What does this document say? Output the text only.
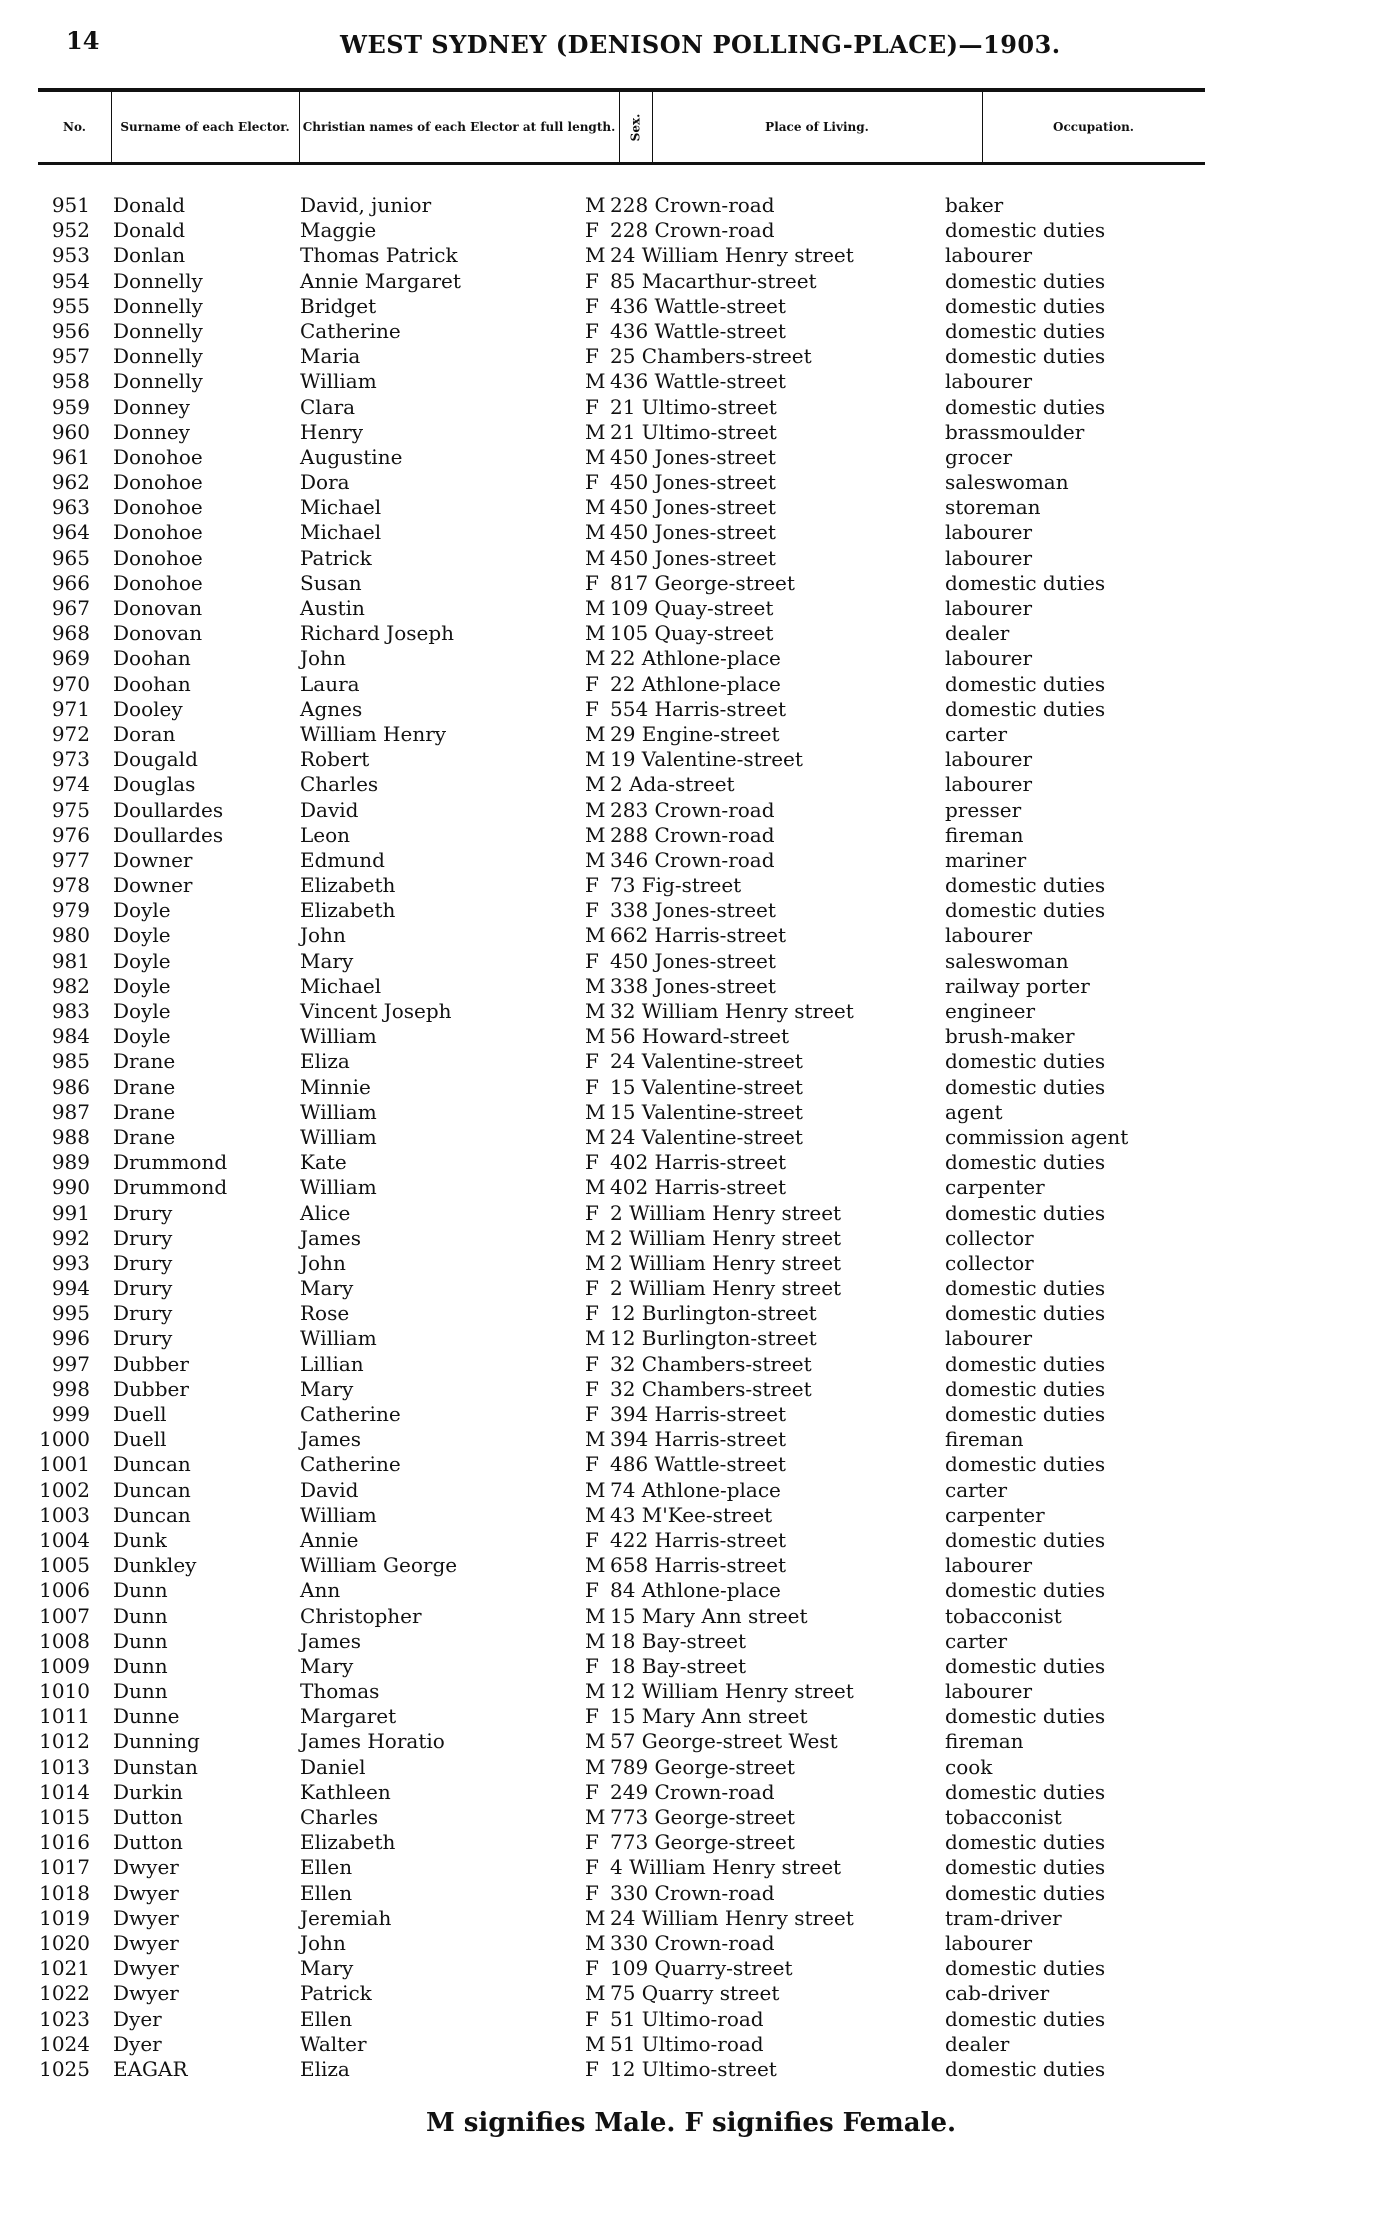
14	WEST SYDNEY (DENISON POLLING-PLACE)—1903.
No.	Surname of each Elector.	Christian names of each Elector at full length.	Sex.	Place of Living.	Occupation.
951 Donald	David, junior	M 228 Crown-road	baker
952 Donald	Maggie	F 228 Crown-road	domestic duties
953 Donlan	Thomas Patrick	M 24 William Henry street	labourer
954 Donnelly	Annie Margaret	F 85 Macarthur-street	domestic duties
955 Donnelly	Bridget	F 436 Wattle-street	domestic duties
956 Donnelly	Catherine	F 436 Wattle-street	domestic duties
957 Donnelly	Maria	F 25 Chambers-street	domestic duties
958 Donnelly	William	M 436 Wattle-street	labourer
959 Donney	Clara	F 21 Ultimo-street	domestic duties
960 Donney	Henry	M 21 Ultimo-street	brassmoulder
961 Donohoe	Augustine	M 450 Jones-street	grocer
962 Donohoe	Dora	F 450 Jones-street	saleswoman
963 Donohoe	Michael	M 450 Jones-street	storeman
964 Donohoe	Michael	M 450 Jones-street	labourer
965 Donohoe	Patrick	M 450 Jones-street	labourer
966 Donohoe	Susan	F 817 George-street	domestic duties
967 Donovan	Austin	M 109 Quay-street	labourer
968 Donovan	Richard Joseph	M 105 Quay-street	dealer
969 Doohan	John	M 22 Athlone-place	labourer
970 Doohan	Laura	F 22 Athlone-place	domestic duties
971 Dooley	Agnes	F 554 Harris-street	domestic duties
972 Doran	William Henry	M 29 Engine-street	carter
973 Dougald	Robert	M 19 Valentine-street	labourer
974 Douglas	Charles	M 2 Ada-street	labourer
975 Doullardes	David	M 283 Crown-road	presser
976 Doullardes	Leon	M 288 Crown-road	fireman
977 Downer	Edmund	M 346 Crown-road	mariner
978 Downer	Elizabeth	F 73 Fig-street	domestic duties
979 Doyle	Elizabeth	F 338 Jones-street	domestic duties
980 Doyle	John	M 662 Harris-street	labourer
981 Doyle	Mary	F 450 Jones-street	saleswoman
982 Doyle	Michael	M 338 Jones-street	railway porter
983 Doyle	Vincent Joseph	M 32 William Henry street	engineer
984 Doyle	William	M 56 Howard-street	brush-maker
985 Drane	Eliza	F 24 Valentine-street	domestic duties
986 Drane	Minnie	F 15 Valentine-street	domestic duties
987 Drane	William	M 15 Valentine-street	agent
988 Drane	William	M 24 Valentine-street	commission agent
989 Drummond	Kate	F 402 Harris-street	domestic duties
990 Drummond	William	M 402 Harris-street	carpenter
991 Drury	Alice	F 2 William Henry street	domestic duties
992 Drury	James	M 2 William Henry street	collector
993 Drury	John	M 2 William Henry street	collector
994 Drury	Mary	F 2 William Henry street	domestic duties
995 Drury	Rose	F 12 Burlington-street	domestic duties
996 Drury	William	M 12 Burlington-street	labourer
997 Dubber	Lillian	F 32 Chambers-street	domestic duties
998 Dubber	Mary	F 32 Chambers-street	domestic duties
999 Duell	Catherine	F 394 Harris-street	domestic duties
1000 Duell	James	M 394 Harris-street	fireman
1001 Duncan	Catherine	F 486 Wattle-street	domestic duties
1002 Duncan	David	M 74 Athlone-place	carter
1003 Duncan	William	M 43 M'Kee-street	carpenter
1004 Dunk	Annie	F 422 Harris-street	domestic duties
1005 Dunkley	William George	M 658 Harris-street	labourer
1006 Dunn	Ann	F 84 Athlone-place	domestic duties
1007 Dunn	Christopher	M 15 Mary Ann street	tobacconist
1008 Dunn	James	M 18 Bay-street	carter
1009 Dunn	Mary	F 18 Bay-street	domestic duties
1010 Dunn	Thomas	M 12 William Henry street	labourer
1011 Dunne	Margaret	F 15 Mary Ann street	domestic duties
1012 Dunning	James Horatio	M 57 George-street West	fireman
1013 Dunstan	Daniel	M 789 George-street	cook
1014 Durkin	Kathleen	F 249 Crown-road	domestic duties
1015 Dutton	Charles	M 773 George-street	tobacconist
1016 Dutton	Elizabeth	F 773 George-street	domestic duties
1017 Dwyer	Ellen	F 4 William Henry street	domestic duties
1018 Dwyer	Ellen	F 330 Crown-road	domestic duties
1019 Dwyer	Jeremiah	M 24 William Henry street	tram-driver
1020 Dwyer	John	M 330 Crown-road	labourer
1021 Dwyer	Mary	F 109 Quarry-street	domestic duties
1022 Dwyer	Patrick	M 75 Quarry street	cab-driver
1023 Dyer	Ellen	F 51 Ultimo-road	domestic duties
1024 Dyer	Walter	M 51 Ultimo-road	dealer
1025 EAGAR	Eliza	F 12 Ultimo-street	domestic duties
M signifies Male. F signifies Female.
